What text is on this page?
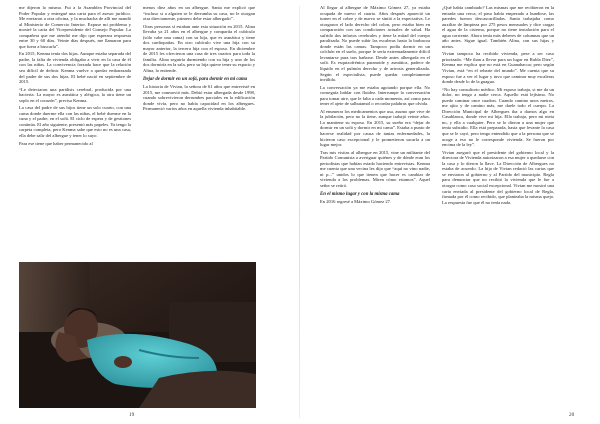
me dijeron lo mismo. Fui a la Asamblea Provincial del Poder Popular y entregué una carta para el asesor jurídico. Me enviaron a otra oficina, y la muchacha de allí me mandó al Ministerio de Comercio Interior. Expuse mi problema y mostré la carta del Vicepresidente del Consejo Popular. La compañera que me atendió me dijo que esperara respuesta entre 30 y 60 días. Veinte días después, me llamaron para que fuera a buscarla”.

En 2015, Kenma tenía dos hijas. Aunque estaba separada del padre, la falta de vivienda obligaba a vivir en la casa de él con las niñas. La convivencia forzada hace que la relación sea difícil de definir. Kenma vuelve a quedar embarazada del padre de sus dos hijas. El bebé nació en septiembre de 2015.

“Le detectaron una parálisis cerebral, producida por una bacteria. La mayor es asmática y alérgica, la otra tiene un soplo en el corazón”, precisa Kenma.

La casa del padre de sus hijos tiene un solo cuarto, con una cama donde duerme ella con las niñas, el bebé duerme en la cuna y el padre, en el sofá. El ciclo de espera y de gestiones continúa. El año siguiente, presentó más papeles. Ya tengo la carpeta completa, pero Kenma sabe que esto no es una casa, ella debe salir del albergue y tener lo suyo.

Para ese tiene que haber permanecido al

menos diez años en un albergue. Santa me explicó que “incluso si a alguien se le derrumba su casa, no le otorgan otra directamente, primero debe estar albergado”.

Otras personas sí estaban ante esta situación en 2015. Alina llevaba ya 21 años en el albergue y compartía el cubículo (sólo cabe una cama) con su hija, que es asmática y tiene dos cardiopatías. En otro cubículo vive una hija con su mayor anterior, la tercera hija con el esposo. En diciembre de 2015 les ofrecieron una casa de tres cuartos para toda la familia. Alina seguiría durmiendo con su hija y uno de los dos dormiría en la sala, pero su hija quiere tener su espacio y Alina, lo entiende.

Dejar de dormir en un sofá, para dormir en mi cama

La historia de Vivian, la señora de 61 años que entrevisté en 2015, me conmovió más. Debió estar albergada desde 1998, cuando sobrevivieron derrumbes parciales en la edificación donde vivía, pero no había capacidad en los albergues. Permaneció varios años en aquella vivienda inhabitable.

19

Al llegar al albergue de Máximo Gómez 27, ya estaba ocupada de nuevo el cuarto. Años después apareció un turner en el cobre y de nuevo se sintió a la expectativa. Le otorgaron el lado derecho del colon, pero estaba bien en comparación con sus condiciones actuales de salud. Ha sufrido dos infartos cerebrales y tiene la mitad del cuerpo paralizada. No puede subir las escaleras hasta la barbacoa donde están las camas. Tampoco podía dormir en un colchón en el suelo, porque le sería extremadamente difícil levantarse para tras bañarse. Desde antes albergada en el sofá. Es esquizofrénica paranoide y asmática, padece de líquido en el pulmón derecho y de artrosis generalizada. Según el especialista, puede quedar completamente inválida.

La conversación ya me estaba agotando porque ella. No conseguía hablar con fluidez. Interrumpe la conversación para tomar aire, que le falta a cada momento, así como para tener el ajete de salbutamol o recordar palabras que olvida.

Al enumerar los medicamentos que usa, asumo que vive de la jubilación, pero no la tiene, aunque trabajó veinte años. La mantiene su esposo. En 2015, su sueño era “dejar de dormir en un sofá y dormir en mi cama”. Estaba a punto de hacerse realidad por causa de tantas enfermedades, la hicieron caso excepcional y le prometieron sacarla a un lugar mejor.

Tras mis visitas al albergue en 2015, vine un militante del Partido Comunista a averiguar quiénes y de dónde eran los periodistas que habían estado haciendo entrevistas. Kenma me cuenta que una vecina les dijo que “aquí no vino nadie, ni p...” unidos lo que tienen que hacer es cambiar de vivienda a los problemas. Miren cómo estamos”. Aquel señor se retiró.

En el mismo lugar y con la misma cama

En 2016 regresé a Máximo Gómez 27.

¿Qué había cambiado? Las mismas que me recibieron en la entrada una cerca, el paso había empezado a hundirse, las paredes fueron descascarilladas. Santa trabajaba como auxiliar de limpieza por 275 pesos mensuales y dice cargar el agua de la cisterna, porque no tiene instalación para el agua corriente. Ahora tenía más deberes de columnas que un año antes. Sigue igual. También Alina, con sus hijas y nietos.

Vivian tampoco ha recibido vivienda, pese a ser caso priorizado. “Me iban a llevar para un lugar en Rubla Diez”, Kenma me explica que no está en Guanabacoa; pero según Vivian, está “en el rebarte del mundo”. Me cuenta que su esposo fue a ver el lugar y tuvo que caminar muy escaleras donde desde lo de la guagua.

“No hay consultorio médico. Mi esposo trabaja, si me da un dolor, no tengo a nadie cerca. Aquello está lejísimo. No puedo caminar once cuadras. Cuando camino unos metros, me ajito y de camino más, me duele todo el cuerpo. La Dirección Municipal de Albergues iba a darnos algo en Casablanca, donde vive mi hija. Ella trabaja, pero mi nieta no, y ella a cualquier. Pero se lo dieron a una mujer que tenía subsidio. Ella está preparada, hasta que levante la casa que se le cayó, pero tengo entendido que a la persona que se acoge a eso no le corresponde vivienda. Se fueron por encima de la ley”.

Vivian aseguró que el presidente del gobierno local y la directora de Vivienda autorizaron a esa mujer a quedarse con la casa y lo dieron la llave. La Dirección de Albergues no estaba de acuerdo. La hija de Vivian redactó las cartas que se enviaron al gobierno y al Partido del municipio. Regla para denunciar que no recibió la vivienda que le fue a otorgar como caso social excepcional. Vivian me mostró una carta enviada al presidente del gobierno local de Regla, firmada por él como recibido, que planteaba la misma queja. La respuesta fue que él no tenía nada.

20
